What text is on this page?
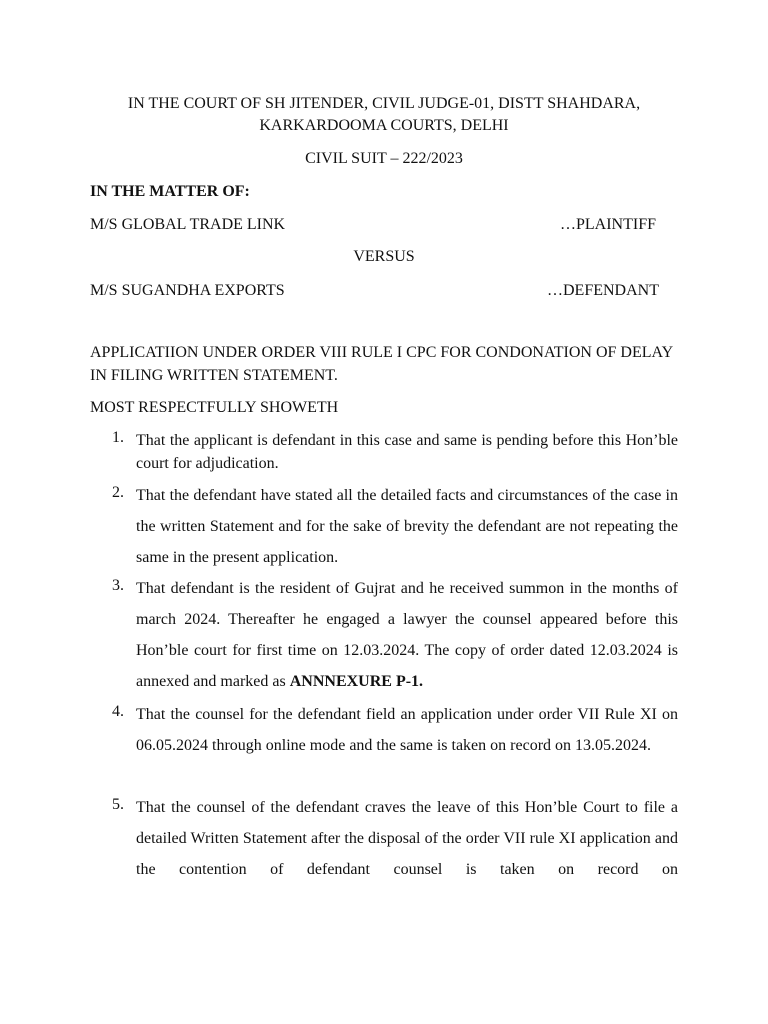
IN THE COURT OF SH JITENDER, CIVIL JUDGE-01, DISTT SHAHDARA,
KARKARDOOMA COURTS, DELHI
CIVIL SUIT – 222/2023
IN THE MATTER OF:
M/S GLOBAL TRADE LINK	…PLAINTIFF
VERSUS
M/S SUGANDHA EXPORTS	…DEFENDANT
APPLICATIION UNDER ORDER VIII RULE I CPC FOR CONDONATION OF DELAY IN FILING WRITTEN STATEMENT.
MOST RESPECTFULLY SHOWETH
1. That the applicant is defendant in this case and same is pending before this Hon’ble court for adjudication.
2. That the defendant have stated all the detailed facts and circumstances of the case in the written Statement and for the sake of brevity the defendant are not repeating the same in the present application.
3. That defendant is the resident of Gujrat and he received summon in the months of march 2024. Thereafter he engaged a lawyer the counsel appeared before this Hon’ble court for first time on 12.03.2024. The copy of order dated 12.03.2024 is annexed and marked as ANNNEXURE P-1.
4. That the counsel for the defendant field an application under order VII Rule XI on 06.05.2024 through online mode and the same is taken on record on 13.05.2024.
5. That the counsel of the defendant craves the leave of this Hon’ble Court to file a detailed Written Statement after the disposal of the order VII rule XI application and the contention of defendant counsel is taken on record on
